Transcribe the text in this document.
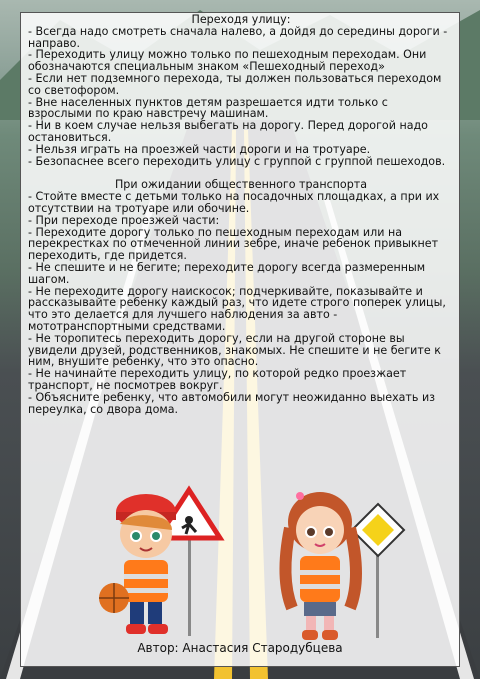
Переходя улицу:

- Всегда надо смотреть сначала налево, а дойдя до середины дороги - направо.

- Переходить улицу можно только по пешеходным переходам. Они обозначаются специальным знаком «Пешеходный переход»

- Если нет подземного перехода, ты должен пользоваться переходом со светофором.

- Вне населенных пунктов детям разрешается идти только с взрослыми по краю навстречу машинам.

- Ни в коем случае нельзя выбегать на дорогу. Перед дорогой надо остановиться.

- Нельзя играть на проезжей части дороги и на тротуаре.

- Безопаснее всего переходить улицу с группой с группой пешеходов.

При ожидании общественного транспорта

- Стойте вместе с детьми только на посадочных площадках, а при их отсутствии на тротуаре или обочине.

- При переходе проезжей части:

- Переходите дорогу только по пешеходным переходам или на перекрестках по отмеченной линии зебре, иначе ребенок привыкнет переходить, где придется.

- Не спешите и не бегите; переходите дорогу всегда размеренным шагом.

- Не переходите дорогу наискосок; подчеркивайте, показывайте и рассказывайте ребенку каждый раз, что идете строго поперек улицы, что это делается для лучшего наблюдения за авто - мототранспортными средствами.

- Не торопитесь переходить дорогу, если на другой стороне вы увидели друзей, родственников, знакомых. Не спешите и не бегите к ним, внушите ребенку, что это опасно.

- Не начинайте переходить улицу, по которой редко проезжает транспорт, не посмотрев вокруг.

- Объясните ребенку, что автомобили могут неожиданно выехать из переулка, со двора дома.

Автор: Анастасия Стародубцева
